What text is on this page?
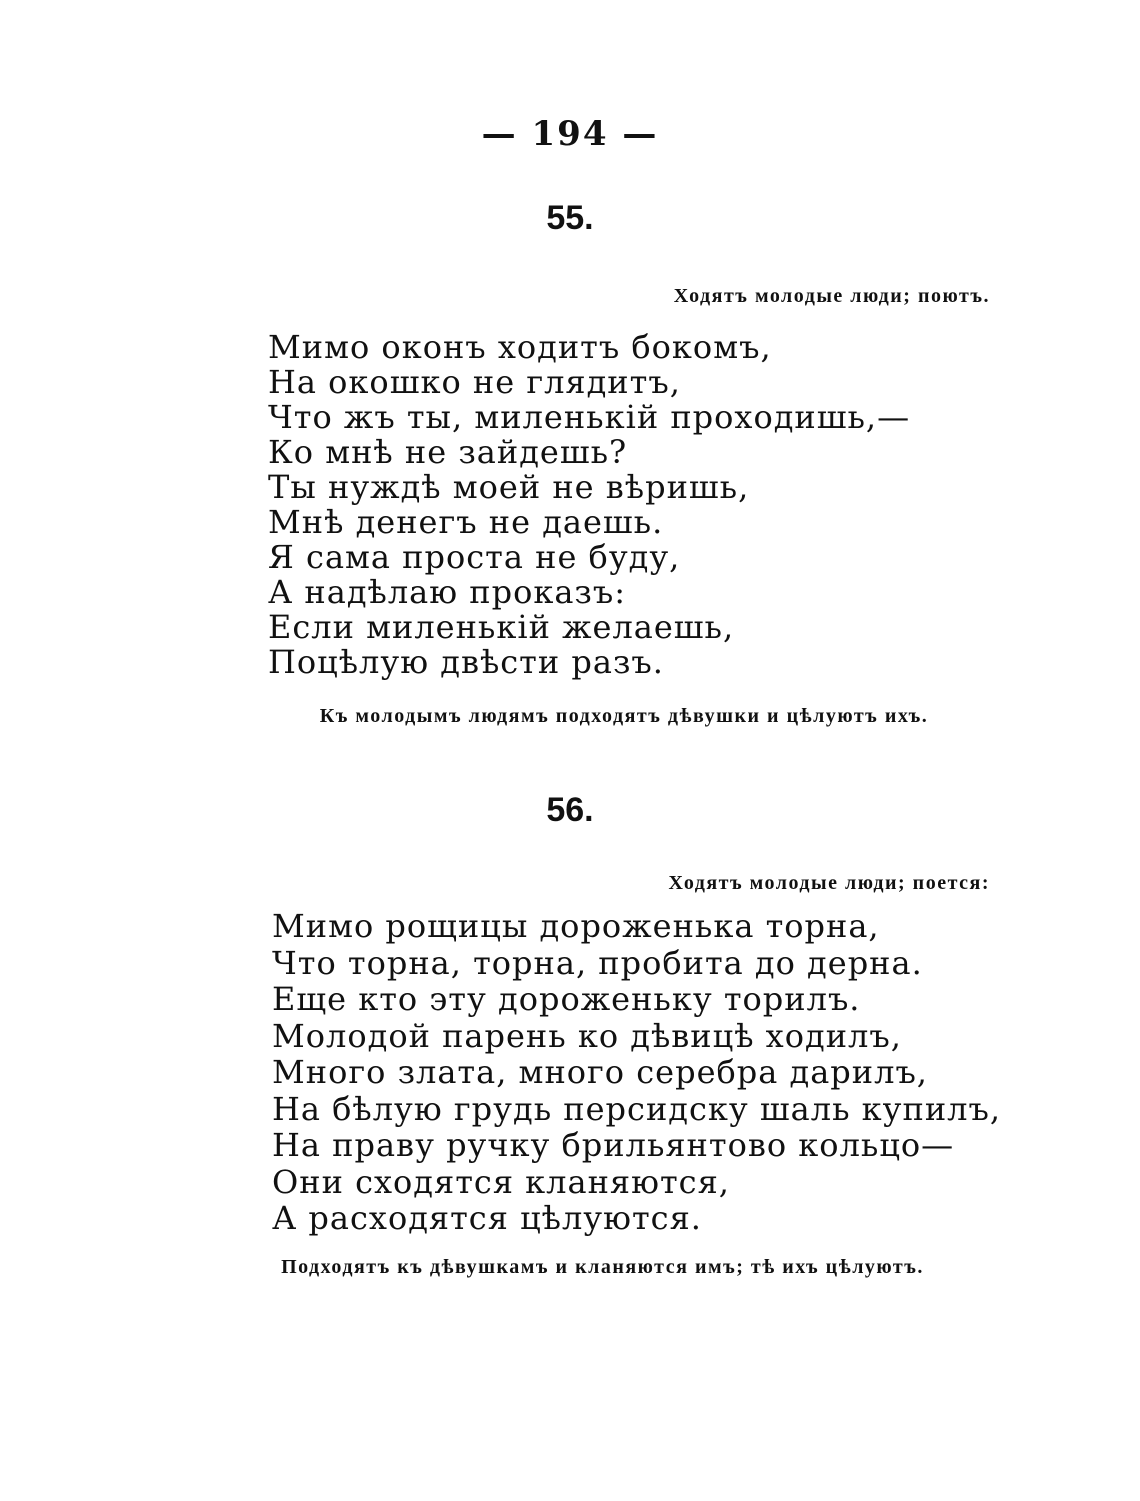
— 194 —
55.
Ходятъ молодые люди; поютъ.
Мимо оконъ ходитъ бокомъ,
На окошко не глядитъ,
Что жъ ты, миленькій проходишь,—
Ко мнѣ не зайдешь?
Ты нуждѣ моей не вѣришь,
Мнѣ денегъ не даешь.
Я сама проста не буду,
А надѣлаю проказъ:
Если миленькій желаешь,
Поцѣлую двѣсти разъ.
Къ молодымъ людямъ подходятъ дѣвушки и цѣлуютъ ихъ.
56.
Ходятъ молодые люди; поется:
Мимо рощицы дороженька торна,
Что торна, торна, пробита до дерна.
Еще кто эту дороженьку торилъ.
Молодой парень ко дѣвицѣ ходилъ,
Много злата, много серебра дарилъ,
На бѣлую грудь персидску шаль купилъ,
На праву ручку брильянтово кольцо—
Они сходятся кланяются,
А расходятся цѣлуются.
Подходятъ къ дѣвушкамъ и кланяются имъ; тѣ ихъ цѣлуютъ.
